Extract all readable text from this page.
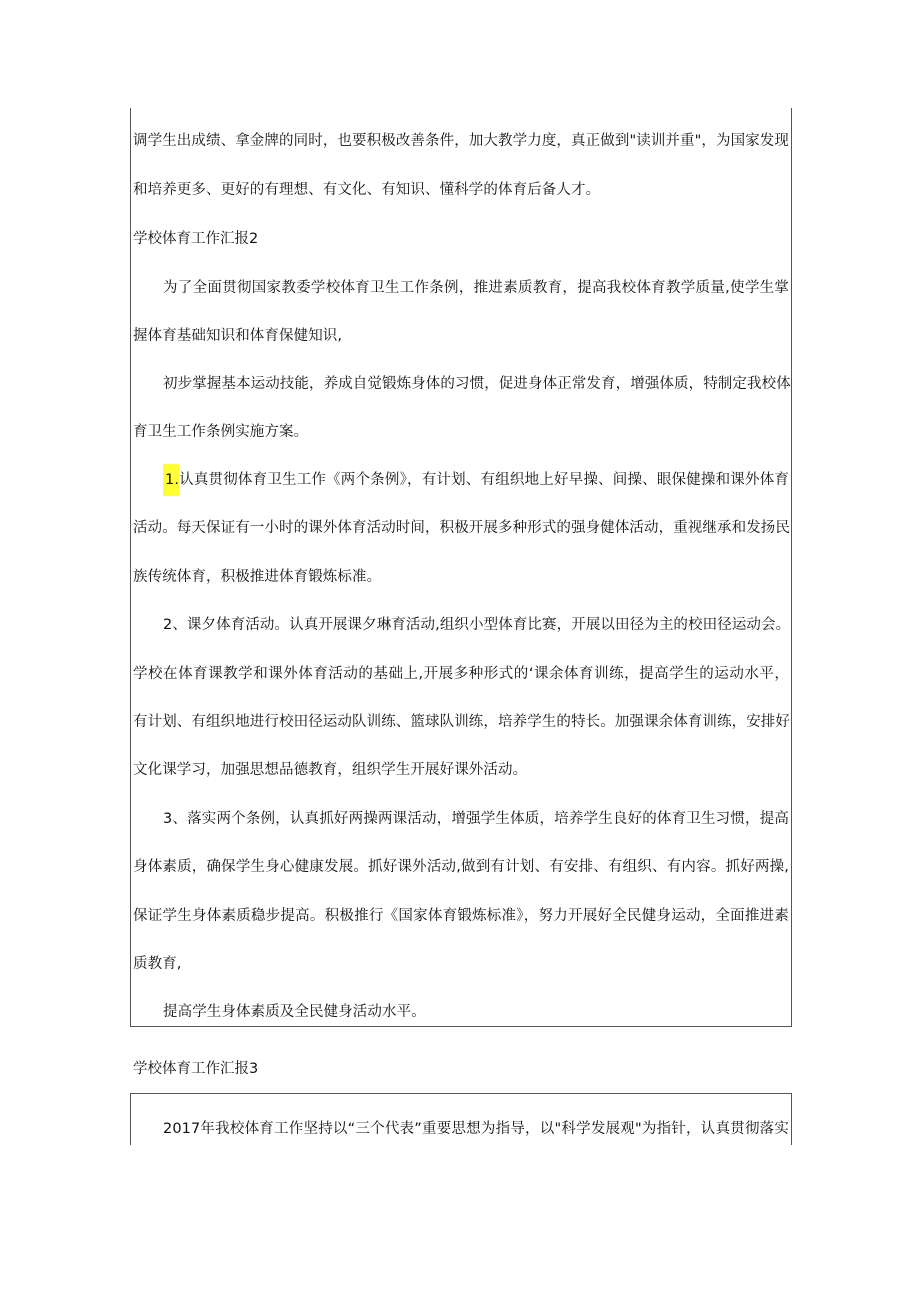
调学生出成绩、拿金牌的同时，也要积极改善条件，加大教学力度，真正做到"读训并重"，为国家发现
和培养更多、更好的有理想、有文化、有知识、懂科学的体育后备人才。
学校体育工作汇报2
为了全面贯彻国家教委学校体育卫生工作条例，推进素质教育，提高我校体育教学质量,使学生掌
握体育基础知识和体育保健知识,
初步掌握基本运动技能，养成自觉锻炼身体的习惯，促进身体正常发育，增强体质，特制定我校体
育卫生工作条例实施方案。
1.认真贯彻体育卫生工作《两个条例》，有计划、有组织地上好早操、间操、眼保健操和课外体育
活动。每天保证有一小时的课外体育活动时间，积极开展多种形式的强身健体活动，重视继承和发扬民
族传统体育，积极推进体育锻炼标准。
2、课夕体育活动。认真开展课夕琳育活动,组织小型体育比赛，开展以田径为主的校田径运动会。
学校在体育课教学和课外体育活动的基础上,开展多种形式的‘课余体育训练，提高学生的运动水平，
有计划、有组织地进行校田径运动队训练、篮球队训练，培养学生的特长。加强课余体育训练，安排好
文化课学习，加强思想品德教育，组织学生开展好课外活动。
3、落实两个条例，认真抓好两操两课活动，增强学生体质，培养学生良好的体育卫生习惯，提高
身体素质，确保学生身心健康发展。抓好课外活动,做到有计划、有安排、有组织、有内容。抓好两操,
保证学生身体素质稳步提高。积极推行《国家体育锻炼标准》，努力开展好全民健身运动，全面推进素
质教育,
提高学生身体素质及全民健身活动水平。
学校体育工作汇报3
2017年我校体育工作坚持以“三个代表”重要思想为指导，以"科学发展观"为指针，认真贯彻落实
